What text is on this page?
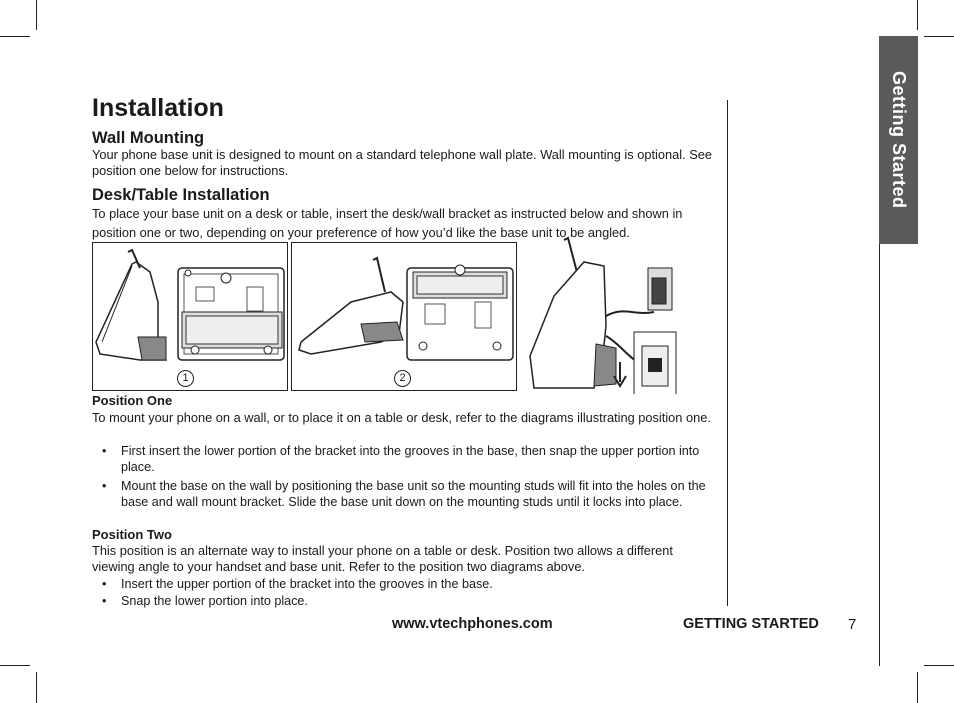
Getting Started
Installation
Wall Mounting

Your phone base unit is designed to mount on a standard telephone wall plate. Wall mounting is optional. See position one below for instructions.

Desk/Table Installation

To place your base unit on a desk or table, insert the desk/wall bracket as instructed below and shown in position one or two, depending on your preference of how you’d like the base unit to be angled.

1	2
Position One

To mount your phone on a wall, or to place it on a table or desk, refer to the diagrams illustrating position one.

• First insert the lower portion of the bracket into the grooves in the base, then snap the upper portion into place.
• Mount the base on the wall by positioning the base unit so the mounting studs will fit into the holes on the base and wall mount bracket. Slide the base unit down on the mounting studs until it locks into place.
Position Two

This position is an alternate way to install your phone on a table or desk. Position two allows a different viewing angle to your handset and base unit. Refer to the position two diagrams above.

• Insert the upper portion of the bracket into the grooves in the base.
• Snap the lower portion into place.
www.vtechphones.com	GETTING STARTED 7
